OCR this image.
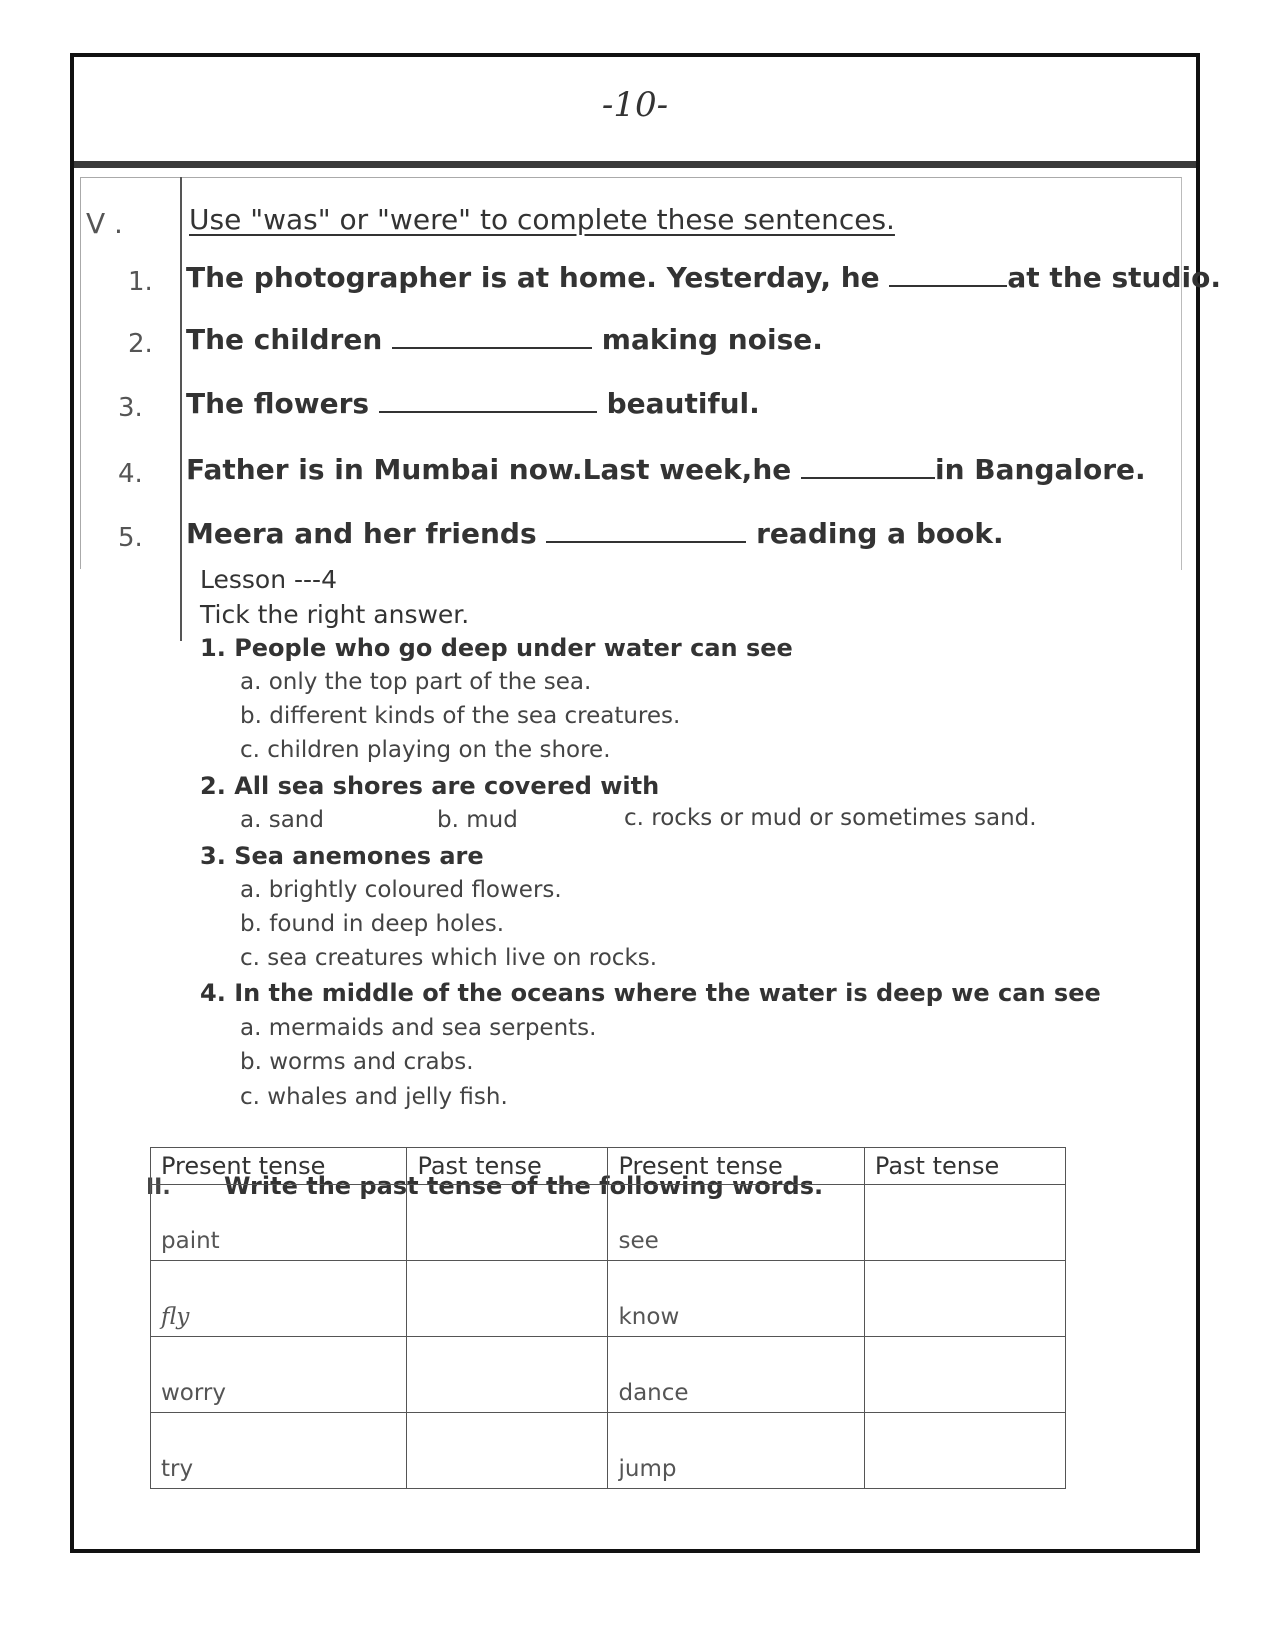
-10-
V . Use "was" or "were" to complete these sentences.
1. The photographer is at home. Yesterday, he	at the studio.
2. The children	making noise.
3. The flowers	beautiful.
4. Father is in Mumbai now.Last week,he	in Bangalore.
5. Meera and her friends	reading a book.
Lesson ---4
Tick the right answer.
1. People who go deep under water can see
a. only the top part of the sea.
b. different kinds of the sea creatures.
c. children playing on the shore.
2. All sea shores are covered with
a. sand	b. mud	c. rocks or mud or sometimes sand.
3. Sea anemones are
a. brightly coloured flowers.
b. found in deep holes.
c. sea creatures which live on rocks.
4. In the middle of the oceans where the water is deep we can see
a. mermaids and sea serpents.
b. worms and crabs.
c. whales and jelly fish.
II. Write the past tense of the following words.
Present tense	Past tense	Present tense	Past tense
paint		see	
fly		know	
worry		dance	
try		jump	
